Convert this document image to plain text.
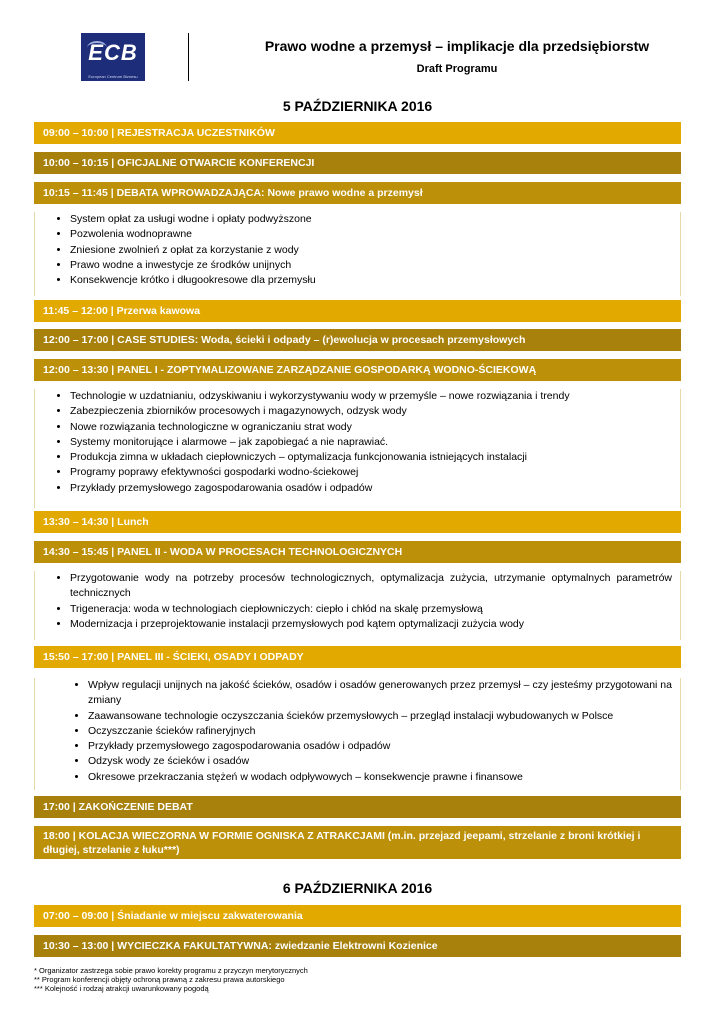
ECB
European Centrum Biznesu
Prawo wodne a przemysł – implikacje dla przedsiębiorstw
Draft Programu
5 PAŹDZIERNIKA 2016
09:00 – 10:00 | REJESTRACJA UCZESTNIKÓW
10:00 – 10:15 | OFICJALNE OTWARCIE KONFERENCJI
10:15 – 11:45 | DEBATA WPROWADZAJĄCA: Nowe prawo wodne a przemysł
• System opłat za usługi wodne i opłaty podwyższone
• Pozwolenia wodnoprawne
• Zniesione zwolnień z opłat za korzystanie z wody
• Prawo wodne a inwestycje ze środków unijnych
• Konsekwencje krótko i długookresowe dla przemysłu
11:45 – 12:00 | Przerwa kawowa
12:00 – 17:00 | CASE STUDIES: Woda, ścieki i odpady – (r)ewolucja w procesach przemysłowych
12:00 – 13:30 | PANEL I - ZOPTYMALIZOWANE ZARZĄDZANIE GOSPODARKĄ WODNO-ŚCIEKOWĄ
• Technologie w uzdatnianiu, odzyskiwaniu i wykorzystywaniu wody w przemyśle – nowe rozwiązania i trendy
• Zabezpieczenia zbiorników procesowych i magazynowych, odzysk wody
• Nowe rozwiązania technologiczne w ograniczaniu strat wody
• Systemy monitorujące i alarmowe – jak zapobiegać a nie naprawiać.
• Produkcja zimna w układach ciepłowniczych – optymalizacja funkcjonowania istniejących instalacji
• Programy poprawy efektywności gospodarki wodno-ściekowej
• Przykłady przemysłowego zagospodarowania osadów i odpadów
13:30 – 14:30 | Lunch
14:30 – 15:45 | PANEL II - WODA W PROCESACH TECHNOLOGICZNYCH
• Przygotowanie wody na potrzeby procesów technologicznych, optymalizacja zużycia, utrzymanie optymalnych parametrów technicznych
• Trigeneracja: woda w technologiach ciepłowniczych: ciepło i chłód na skalę przemysłową
• Modernizacja i przeprojektowanie instalacji przemysłowych pod kątem optymalizacji zużycia wody
15:50 – 17:00 | PANEL III - ŚCIEKI, OSADY I ODPADY
• Wpływ regulacji unijnych na jakość ścieków, osadów i osadów generowanych przez przemysł – czy jesteśmy przygotowani na zmiany
• Zaawansowane technologie oczyszczania ścieków przemysłowych – przegląd instalacji wybudowanych w Polsce
• Oczyszczanie ścieków rafineryjnych
• Przykłady przemysłowego zagospodarowania osadów i odpadów
• Odzysk wody ze ścieków i osadów
• Okresowe przekraczania stężeń w wodach odpływowych – konsekwencje prawne i finansowe
17:00 | ZAKOŃCZENIE DEBAT
18:00 | KOLACJA WIECZORNA W FORMIE OGNISKA Z ATRAKCJAMI (m.in. przejazd jeepami, strzelanie z broni krótkiej i długiej, strzelanie z łuku***)
6 PAŹDZIERNIKA 2016
07:00 – 09:00 | Śniadanie w miejscu zakwaterowania
10:30 – 13:00 | WYCIECZKA FAKULTATYWNA: zwiedzanie Elektrowni Kozienice
* Organizator zastrzega sobie prawo korekty programu z przyczyn merytorycznych
** Program konferencji objęty ochroną prawną z zakresu prawa autorskiego
*** Kolejność i rodzaj atrakcji uwarunkowany pogodą
